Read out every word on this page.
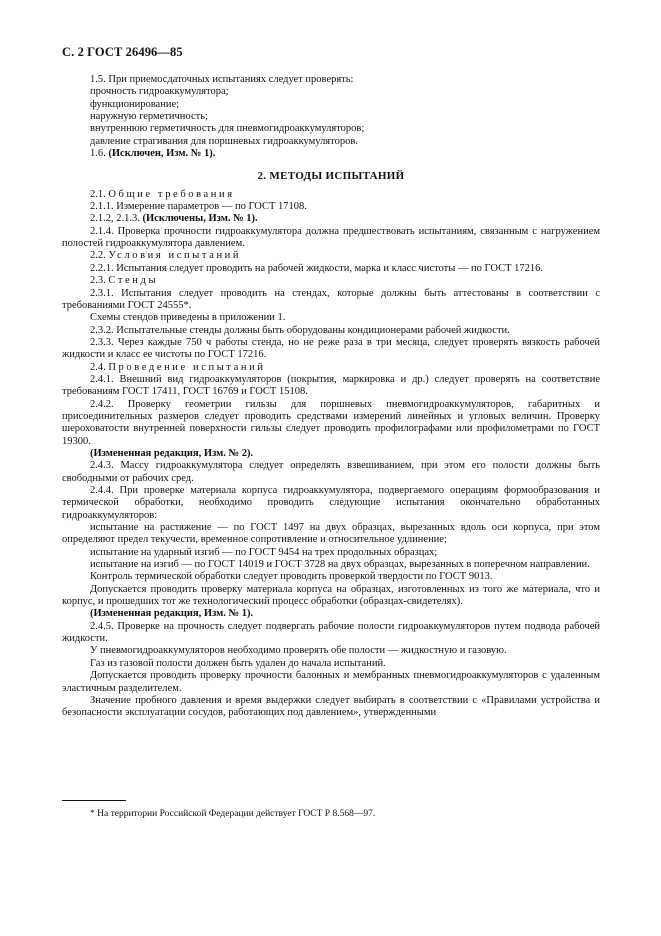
С. 2 ГОСТ 26496—85

1.5. При приемосдаточных испытаниях следует проверять:

прочность гидроаккумулятора;

функционирование;

наружную герметичность;

внутреннюю герметичность для пневмогидроаккумуляторов;

давление страгивания для поршневых гидроаккумуляторов.

1.6. (Исключен, Изм. № 1).

2. МЕТОДЫ ИСПЫТАНИЙ

2.1. Общие требования

2.1.1. Измерение параметров — по ГОСТ 17108.

2.1.2, 2.1.3. (Исключены, Изм. № 1).

2.1.4. Проверка прочности гидроаккумулятора должна предшествовать испытаниям, связанным с нагружением полостей гидроаккумулятора давлением.

2.2. Условия испытаний

2.2.1. Испытания следует проводить на рабочей жидкости, марка и класс чистоты — по ГОСТ 17216.

2.3. Стенды

2.3.1. Испытания следует проводить на стендах, которые должны быть аттестованы в соответствии с требованиями ГОСТ 24555*.

Схемы стендов приведены в приложении 1.

2.3.2. Испытательные стенды должны быть оборудованы кондиционерами рабочей жидкости.

2.3.3. Через каждые 750 ч работы стенда, но не реже раза в три месяца, следует проверять вязкость рабочей жидкости и класс ее чистоты по ГОСТ 17216.

2.4. Проведение испытаний

2.4.1. Внешний вид гидроаккумуляторов (покрытия, маркировка и др.) следует проверять на соответствие требованиям ГОСТ 17411, ГОСТ 16769 и ГОСТ 15108.

2.4.2. Проверку геометрии гильзы для поршневых пневмогидроаккумуляторов, габаритных и присоединительных размеров следует проводить средствами измерений линейных и угловых величин. Проверку шероховатости внутренней поверхности гильзы следует проводить профилографами или профилометрами по ГОСТ 19300.

(Измененная редакция, Изм. № 2).

2.4.3. Массу гидроаккумулятора следует определять взвешиванием, при этом его полости должны быть свободными от рабочих сред.

2.4.4. При проверке материала корпуса гидроаккумулятора, подвергаемого операциям формообразования и термической обработки, необходимо проводить следующие испытания окончательно обработанных гидроаккумуляторов:

испытание на растяжение — по ГОСТ 1497 на двух образцах, вырезанных вдоль оси корпуса, при этом определяют предел текучести, временное сопротивление и относительное удлинение;

испытание на ударный изгиб — по ГОСТ 9454 на трех продольных образцах;

испытание на изгиб — по ГОСТ 14019 и ГОСТ 3728 на двух образцах, вырезанных в поперечном направлении.

Контроль термической обработки следует проводить проверкой твердости по ГОСТ 9013.

Допускается проводить проверку материала корпуса на образцах, изготовленных из того же материала, что и корпус, и прошедших тот же технологический процесс обработки (образцах-свидетелях).

(Измененная редакция, Изм. № 1).

2.4.5. Проверке на прочность следует подвергать рабочие полости гидроаккумуляторов путем подвода рабочей жидкости.

У пневмогидроаккумуляторов необходимо проверять обе полости — жидкостную и газовую.

Газ из газовой полости должен быть удален до начала испытаний.

Допускается проводить проверку прочности балонных и мембранных пневмогидроаккумуляторов с удаленным эластичным разделителем.

Значение пробного давления и время выдержки следует выбирать в соответствии с «Правилами устройства и безопасности эксплуатации сосудов, работающих под давлением», утвержденными

* На территории Российской Федерации действует ГОСТ Р 8.568—97.
